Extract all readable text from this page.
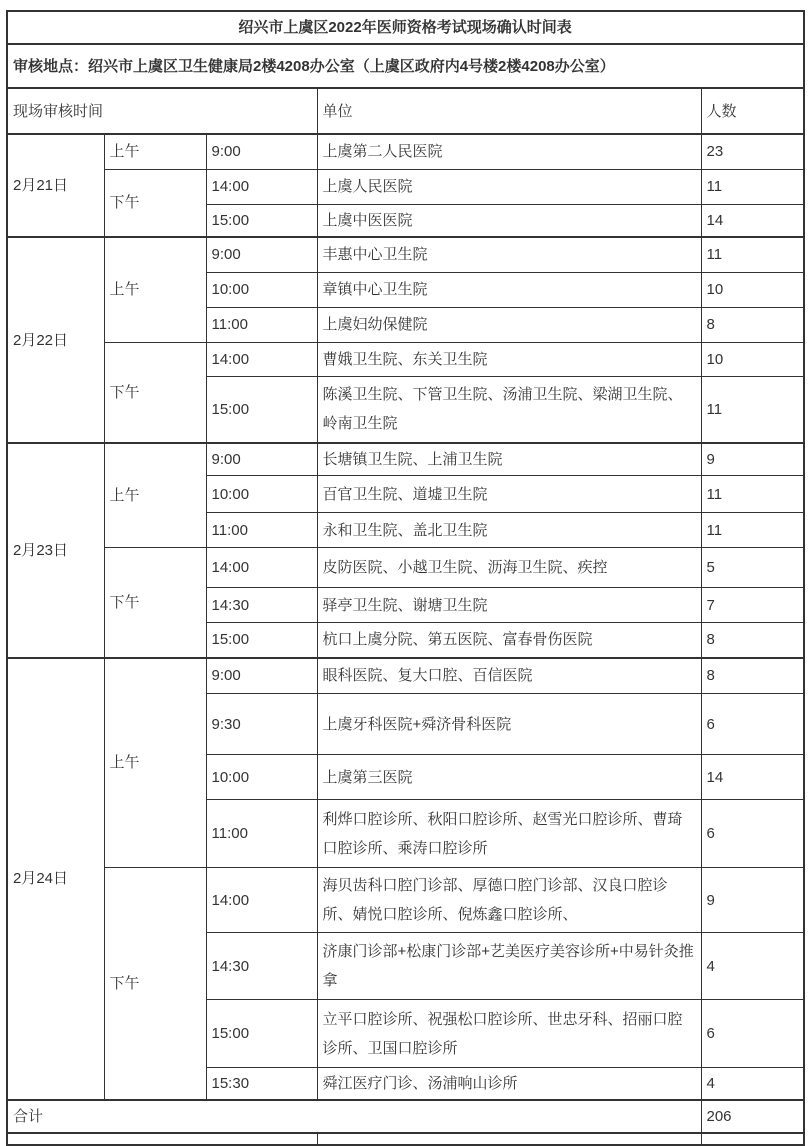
绍兴市上虞区2022年医师资格考试现场确认时间表				
审核地点：绍兴市上虞区卫生健康局2楼4208办公室（上虞区政府内4号楼2楼4208办公室）				
现场审核时间			单位	人数
2月21日	上午	9:00	上虞第二人民医院	23
	下午	14:00	上虞人民医院	11
		15:00	上虞中医医院	14
2月22日	上午	9:00	丰惠中心卫生院	11
		10:00	章镇中心卫生院	10
		11:00	上虞妇幼保健院	8
	下午	14:00	曹娥卫生院、东关卫生院	10
		15:00	陈溪卫生院、下管卫生院、汤浦卫生院、梁湖卫生院、岭南卫生院	11
2月23日	上午	9:00	长塘镇卫生院、上浦卫生院	9
		10:00	百官卫生院、道墟卫生院	11
		11:00	永和卫生院、盖北卫生院	11
	下午	14:00	皮防医院、小越卫生院、沥海卫生院、疾控	5
		14:30	驿亭卫生院、谢塘卫生院	7
		15:00	杭口上虞分院、第五医院、富春骨伤医院	8
2月24日	上午	9:00	眼科医院、复大口腔、百信医院	8
		9:30	上虞牙科医院+舜济骨科医院	6
		10:00	上虞第三医院	14
		11:00	利烨口腔诊所、秋阳口腔诊所、赵雪光口腔诊所、曹琦口腔诊所、乘涛口腔诊所	6
	下午	14:00	海贝齿科口腔门诊部、厚德口腔门诊部、汉良口腔诊所、婧悦口腔诊所、倪炼鑫口腔诊所、	9
		14:30	济康门诊部+松康门诊部+艺美医疗美容诊所+中易针灸推拿	4
		15:00	立平口腔诊所、祝强松口腔诊所、世忠牙科、招丽口腔诊所、卫国口腔诊所	6
		15:30	舜江医疗门诊、汤浦响山诊所	4
合计				206
